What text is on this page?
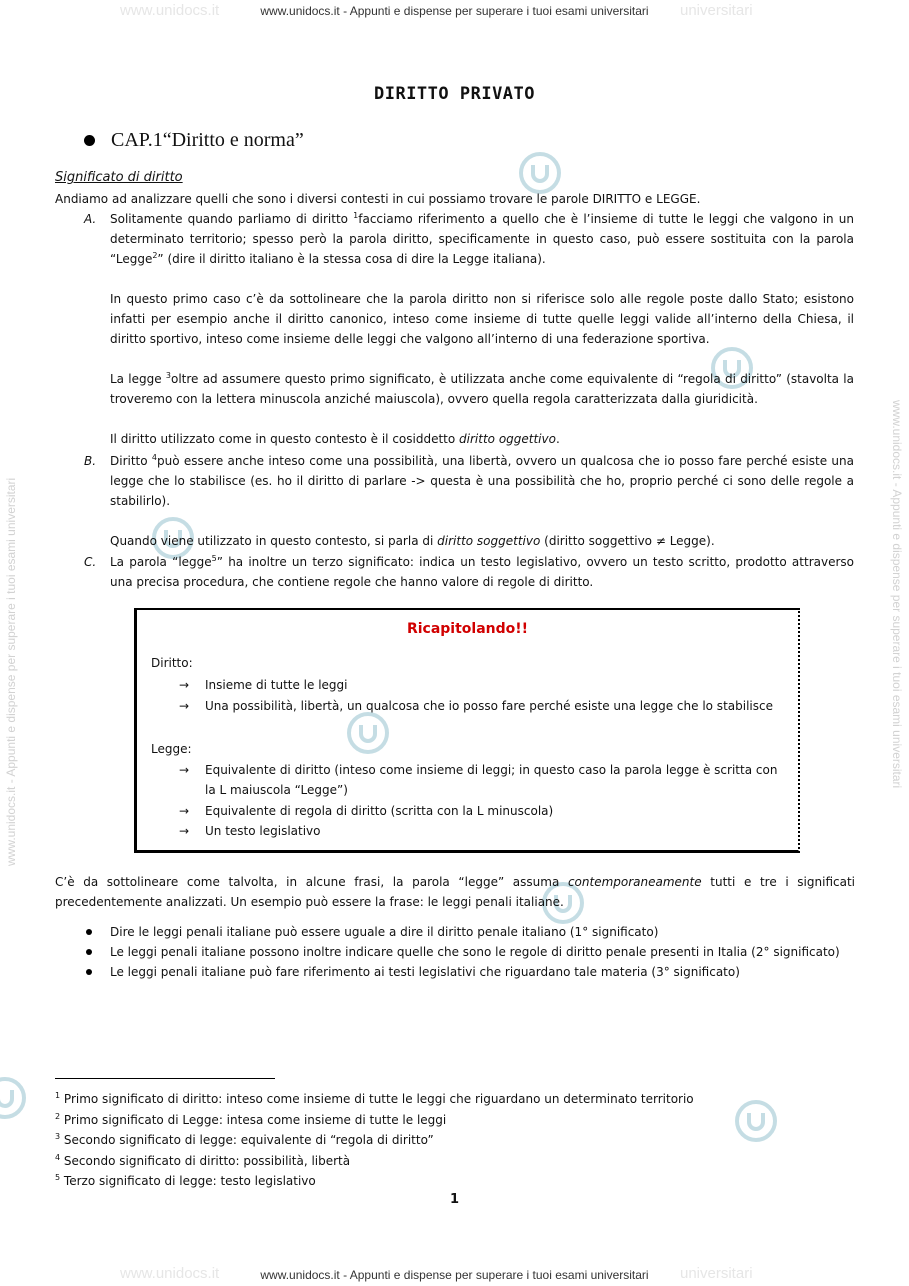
www.unidocs.it	universitari
www.unidocs.it - Appunti e dispense per superare i tuoi esami universitari
www.unidocs.it	universitari
www.unidocs.it - Appunti e dispense per superare i tuoi esami universitari
www.unidocs.it - Appunti e dispense per superare i tuoi esami universitari	www.unidocs.it - Appunti e dispense per superare i tuoi esami universitari
DIRITTO PRIVATO
CAP.1“Diritto e norma”
Significato di diritto
Andiamo ad analizzare quelli che sono i diversi contesti in cui possiamo trovare le parole DIRITTO e LEGGE.
A. Solitamente quando parliamo di diritto $^1$facciamo riferimento a quello che è l’insieme di tutte le leggi che valgono in un determinato territorio; spesso però la parola diritto, specificamente in questo caso, può essere sostituita con la parola “Legge$^2$” (dire il diritto italiano è la stessa cosa di dire la Legge italiana).

In questo primo caso c’è da sottolineare che la parola diritto non si riferisce solo alle regole poste dallo Stato; esistono infatti per esempio anche il diritto canonico, inteso come insieme di tutte quelle leggi valide all’interno della Chiesa, il diritto sportivo, inteso come insieme delle leggi che valgono all’interno di una federazione sportiva.

La legge $^3$oltre ad assumere questo primo significato, è utilizzata anche come equivalente di “regola di diritto” (stavolta la troveremo con la lettera minuscola anziché maiuscola), ovvero quella regola caratterizzata dalla giuridicità.

Il diritto utilizzato come in questo contesto è il cosiddetto diritto oggettivo.

B. Diritto $^4$può essere anche inteso come una possibilità, una libertà, ovvero un qualcosa che io posso fare perché esiste una legge che lo stabilisce (es. ho il diritto di parlare -> questa è una possibilità che ho, proprio perché ci sono delle regole a stabilirlo).

Quando viene utilizzato in questo contesto, si parla di diritto soggettivo (diritto soggettivo ≠ Legge).

C. La parola “legge$^5$” ha inoltre un terzo significato: indica un testo legislativo, ovvero un testo scritto, prodotto attraverso una precisa procedura, che contiene regole che hanno valore di regole di diritto.

Ricapitolando!!
Diritto:
→ Insieme di tutte le leggi
→ Una possibilità, libertà, un qualcosa che io posso fare perché esiste una legge che lo stabilisce
Legge:
→ Equivalente di diritto (inteso come insieme di leggi; in questo caso la parola legge è scritta con la L maiuscola “Legge”)
→ Equivalente di regola di diritto (scritta con la L minuscola)
→ Un testo legislativo
C’è da sottolineare come talvolta, in alcune frasi, la parola “legge” assuma contemporaneamente tutti e tre i significati precedentemente analizzati. Un esempio può essere la frase: le leggi penali italiane.
Dire le leggi penali italiane può essere uguale a dire il diritto penale italiano (1° significato)
Le leggi penali italiane possono inoltre indicare quelle che sono le regole di diritto penale presenti in Italia (2° significato)
Le leggi penali italiane può fare riferimento ai testi legislativi che riguardano tale materia (3° significato)
$^1$ Primo significato di diritto: inteso come insieme di tutte le leggi che riguardano un determinato territorio
$^2$ Primo significato di Legge: intesa come insieme di tutte le leggi
$^3$ Secondo significato di legge: equivalente di “regola di diritto”
$^4$ Secondo significato di diritto: possibilità, libertà
$^5$ Terzo significato di legge: testo legislativo
1
